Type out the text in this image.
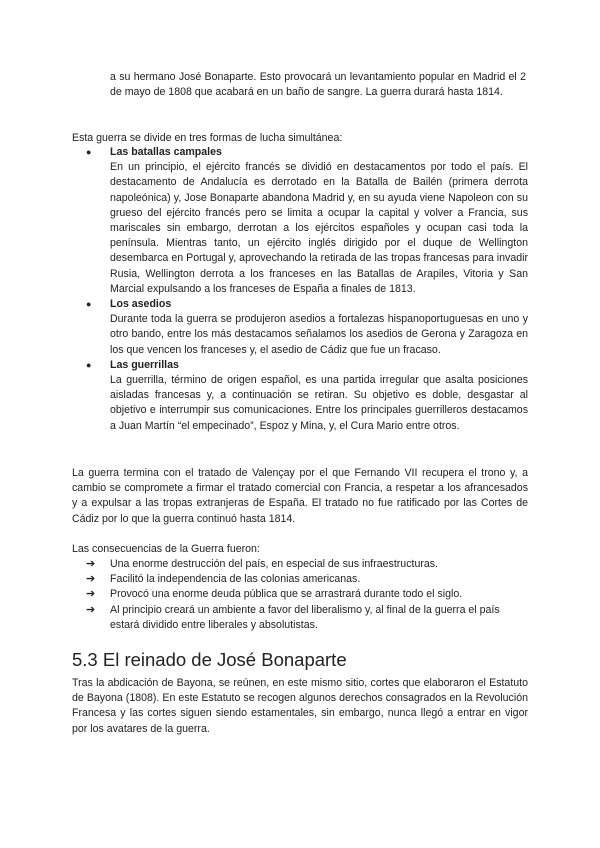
a su hermano José Bonaparte. Esto provocará un levantamiento popular en Madrid el 2 de mayo de 1808 que acabará en un baño de sangre. La guerra durará hasta 1814.

Esta guerra se divide en tres formas de lucha simultánea:

● Las batallas campales
En un principio, el ejército francés se dividió en destacamentos por todo el país. El destacamento de Andalucía es derrotado en la Batalla de Bailén (primera derrota napoleónica) y, Jose Bonaparte abandona Madrid y, en su ayuda viene Napoleon con su grueso del ejército francés pero se limita a ocupar la capital y volver a Francia, sus mariscales sin embargo, derrotan a los ejércitos españoles y ocupan casi toda la península. Mientras tanto, un ejército inglés dirigido por el duque de Wellington desembarca en Portugal y, aprovechando la retirada de las tropas francesas para invadir Rusia, Wellington derrota a los franceses en las Batallas de Arapiles, Vitoria y San Marcial expulsando a los franceses de España a finales de 1813.
● Los asedios
Durante toda la guerra se produjeron asedios a fortalezas hispanoportuguesas en uno y otro bando, entre los más destacamos señalamos los asedios de Gerona y Zaragoza en los que vencen los franceses y, el asedio de Cádiz que fue un fracaso.
● Las guerrillas
La guerrilla, término de origen español, es una partida irregular que asalta posiciones aisladas francesas y, a continuación se retiran. Su objetivo es doble, desgastar al objetivo e interrumpir sus comunicaciones. Entre los principales guerrilleros destacamos a Juan Martín “el empecinado”, Espoz y Mina, y, el Cura Mario entre otros.

La guerra termina con el tratado de Valençay por el que Fernando VII recupera el trono y, a cambio se compromete a firmar el tratado comercial con Francia, a respetar a los afrancesados y a expulsar a las tropas extranjeras de España. El tratado no fue ratificado por las Cortes de Cádiz por lo que la guerra continuó hasta 1814.

Las consecuencias de la Guerra fueron:

➔ Una enorme destrucción del país, en especial de sus infraestructuras.
➔ Facilitó la independencia de las colonias americanas.
➔ Provocó una enorme deuda pública que se arrastrará durante todo el siglo.
➔ Al principio creará un ambiente a favor del liberalismo y, al final de la guerra el país estará dividido entre liberales y absolutistas.
5.3 El reinado de José Bonaparte

Tras la abdicación de Bayona, se reúnen, en este mismo sitio, cortes que elaboraron el Estatuto de Bayona (1808). En este Estatuto se recogen algunos derechos consagrados en la Revolución Francesa y las cortes siguen siendo estamentales, sin embargo, nunca llegó a entrar en vigor por los avatares de la guerra.
